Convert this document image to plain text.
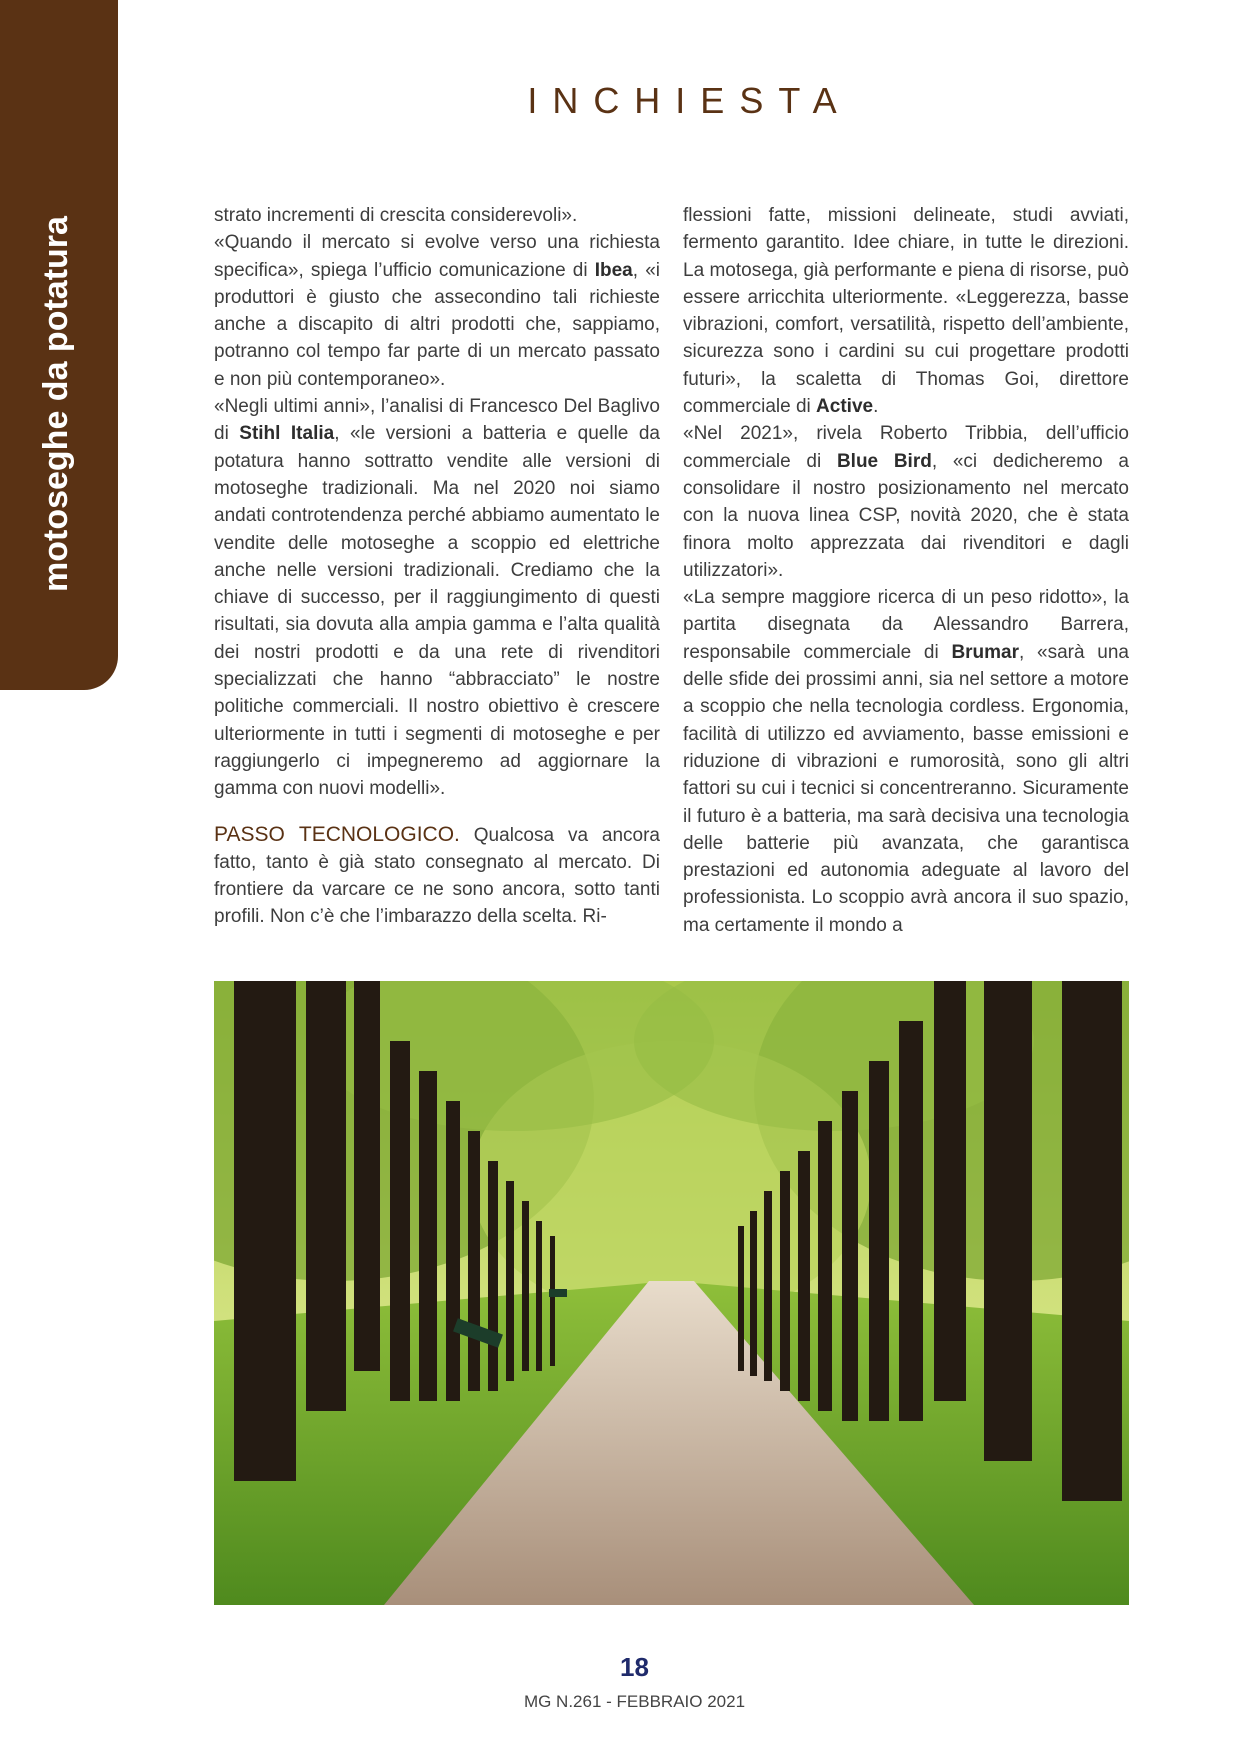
motoseghe da potatura
INCHIESTA

strato incrementi di crescita considerevoli».

«Quando il mercato si evolve verso una richiesta specifica», spiega l’ufficio comunicazione di Ibea, «i produttori è giusto che assecondino tali richieste anche a discapito di altri prodotti che, sappiamo, potranno col tempo far parte di un mercato passato e non più contemporaneo».

«Negli ultimi anni», l’analisi di Francesco Del Baglivo di Stihl Italia, «le versioni a batteria e quelle da potatura hanno sottratto vendite alle versioni di motoseghe tradizionali. Ma nel 2020 noi siamo andati controtendenza perché abbiamo aumentato le vendite delle motoseghe a scoppio ed elettriche anche nelle versioni tradizionali. Crediamo che la chiave di successo, per il raggiungimento di questi risultati, sia dovuta alla ampia gamma e l’alta qualità dei nostri prodotti e da una rete di rivenditori specializzati che hanno “abbracciato” le nostre politiche commerciali. Il nostro obiettivo è crescere ulteriormente in tutti i segmenti di motoseghe e per raggiungerlo ci impegneremo ad aggiornare la gamma con nuovi modelli».

PASSO TECNOLOGICO. Qualcosa va ancora fatto, tanto è già stato consegnato al mercato. Di frontiere da varcare ce ne sono ancora, sotto tanti profili. Non c’è che l’imbarazzo della scelta. Ri-

flessioni fatte, missioni delineate, studi avviati, fermento garantito. Idee chiare, in tutte le direzioni. La motosega, già performante e piena di risorse, può essere arricchita ulteriormente. «Leggerezza, basse vibrazioni, comfort, versatilità, rispetto dell’ambiente, sicurezza sono i cardini su cui progettare prodotti futuri», la scaletta di Thomas Goi, direttore commerciale di Active.

«Nel 2021», rivela Roberto Tribbia, dell’ufficio commerciale di Blue Bird, «ci dedicheremo a consolidare il nostro posizionamento nel mercato con la nuova linea CSP, novità 2020, che è stata finora molto apprezzata dai rivenditori e dagli utilizzatori».

«La sempre maggiore ricerca di un peso ridotto», la partita disegnata da Alessandro Barrera, responsabile commerciale di Brumar, «sarà una delle sfide dei prossimi anni, sia nel settore a motore a scoppio che nella tecnologia cordless. Ergonomia, facilità di utilizzo ed avviamento, basse emissioni e riduzione di vibrazioni e rumorosità, sono gli altri fattori su cui i tecnici si concentreranno. Sicuramente il futuro è a batteria, ma sarà decisiva una tecnologia delle batterie più avanzata, che garantisca prestazioni ed autonomia adeguate al lavoro del professionista. Lo scoppio avrà ancora il suo spazio, ma certamente il mondo a

18
MG N.261 - FEBBRAIO 2021
